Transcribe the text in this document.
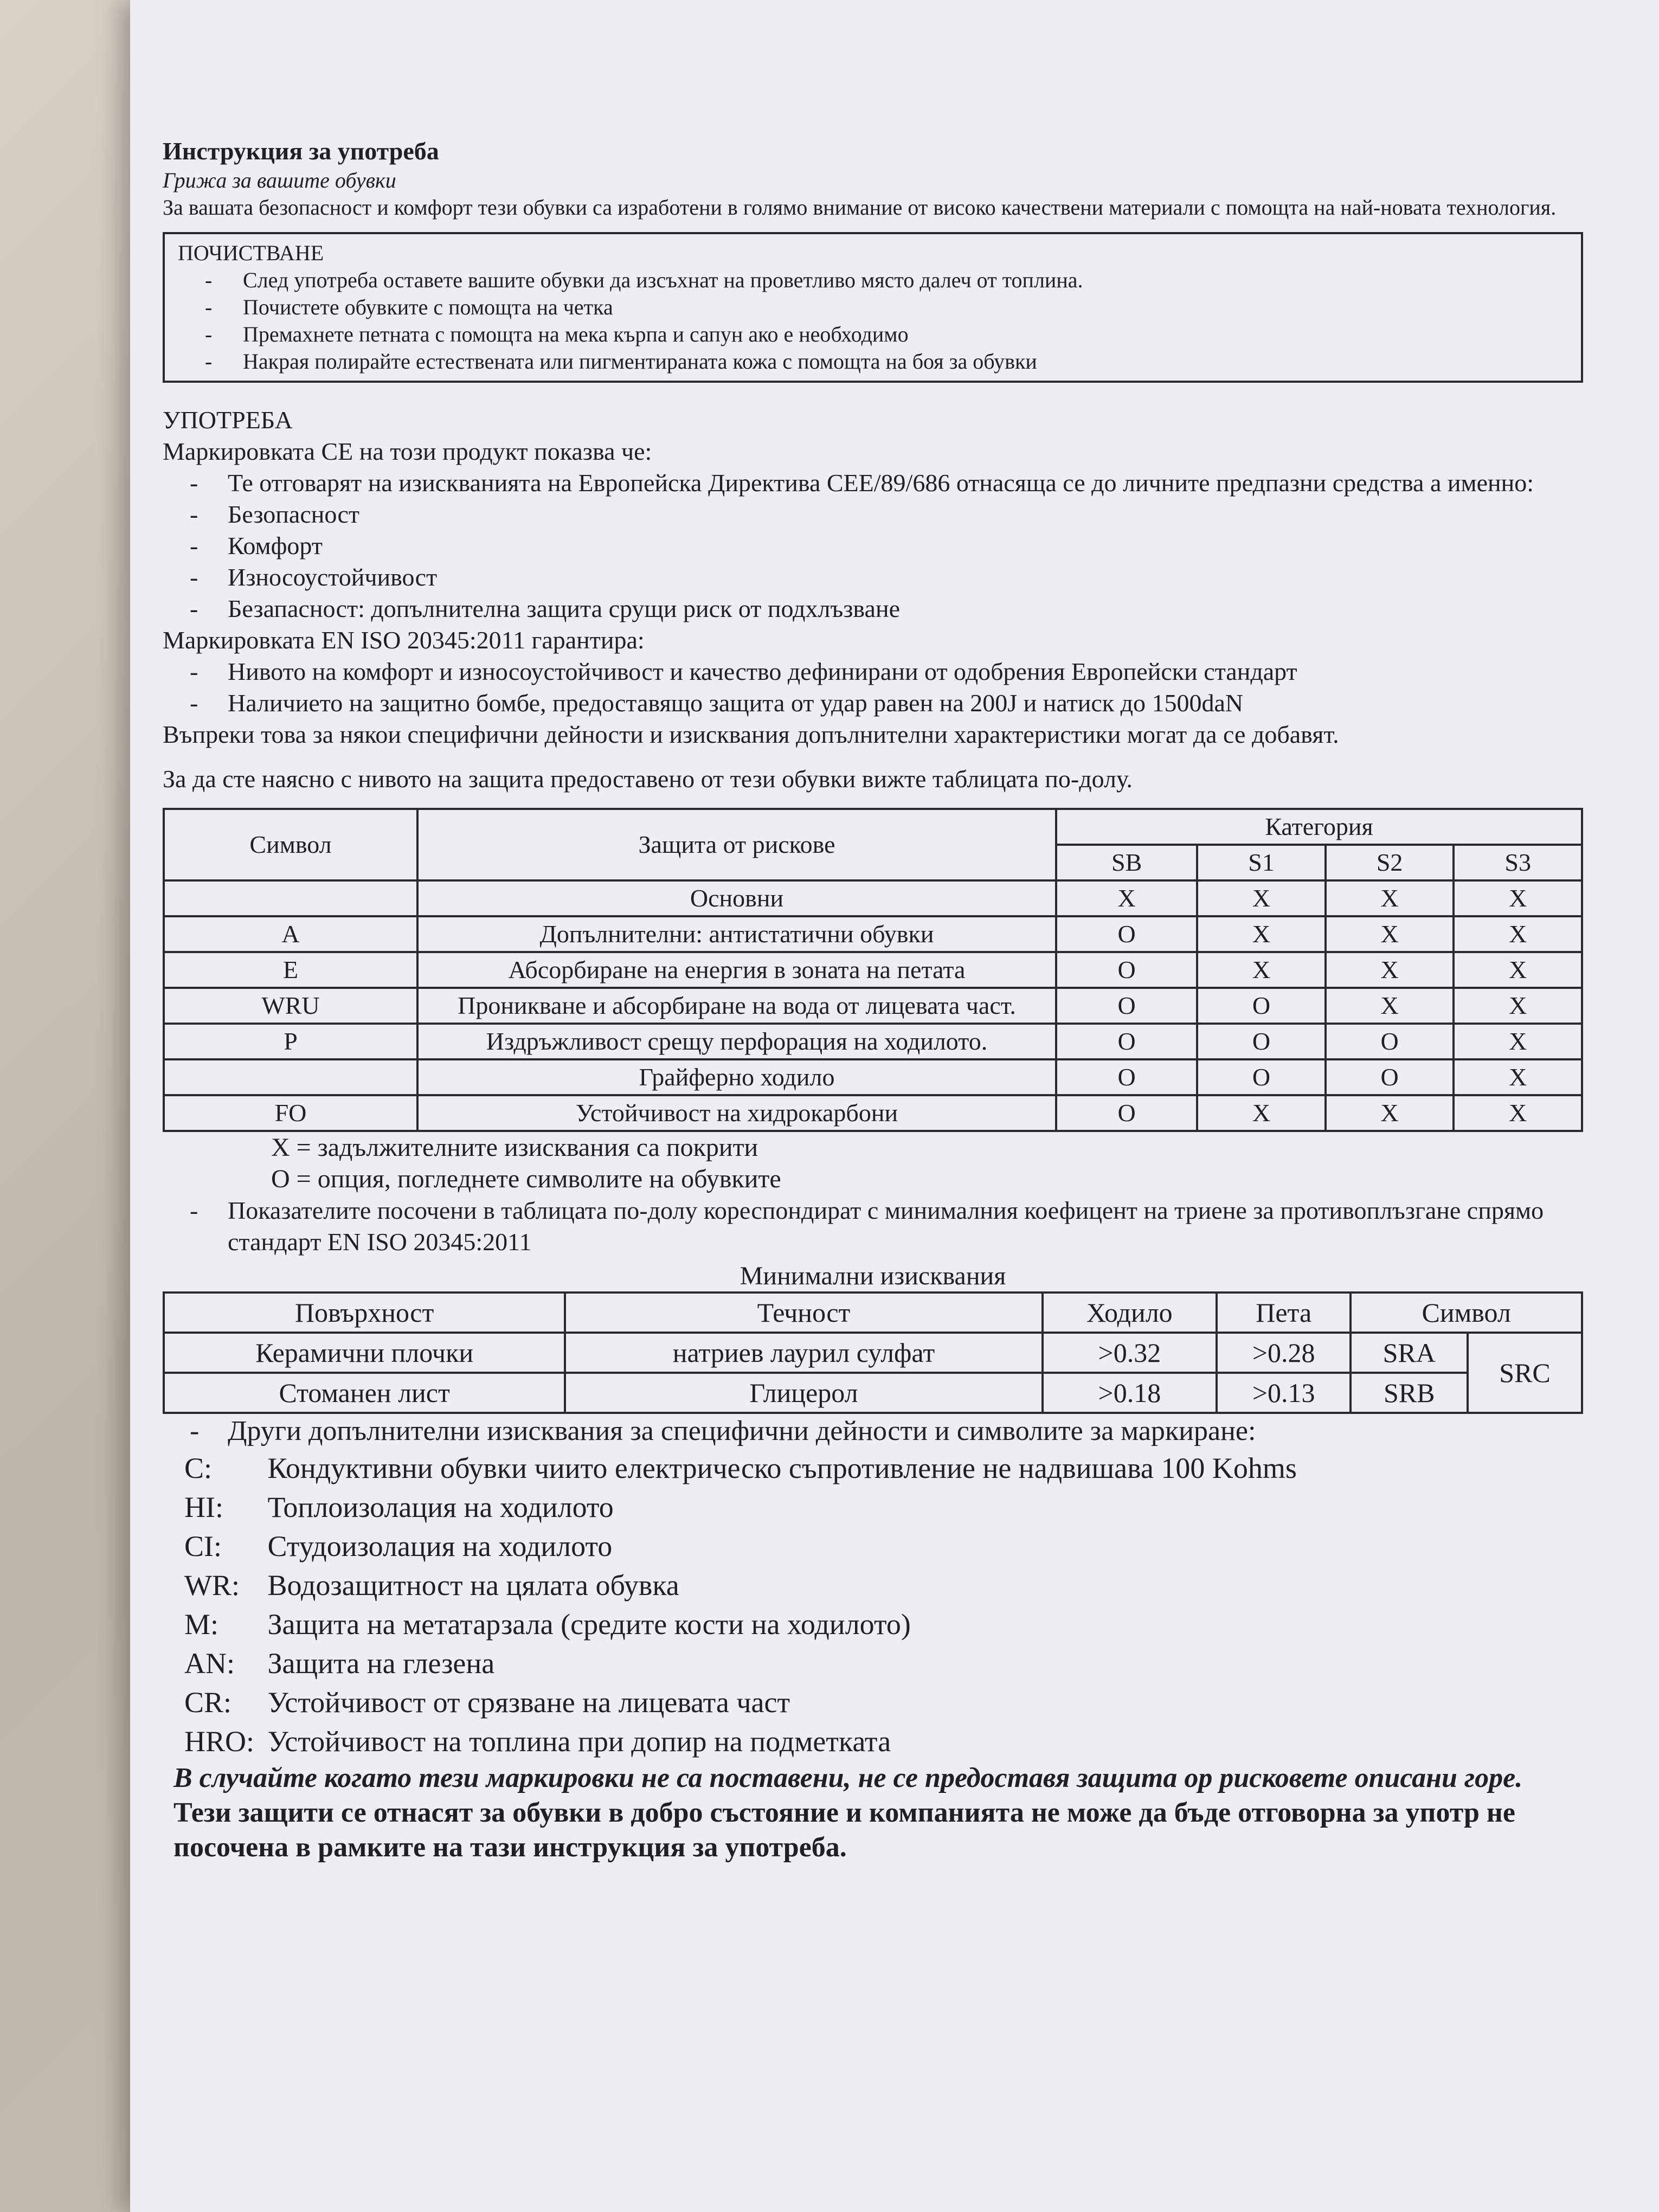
Инструкция за употреба

Грижа за вашите обувки

За вашата безопасност и комфорт тези обувки са изработени в голямо внимание от високо качествени материали с помощта на най-новата технология.

ПОЧИСТВАНЕ

- След употреба оставете вашите обувки да изсъхнат на проветливо място далеч от топлина.
- Почистете обувките с помощта на четка
- Премахнете петната с помощта на мека кърпа и сапун ако е необходимо
- Накрая полирайте естествената или пигментираната кожа с помощта на боя за обувки

УПОТРЕБА

Маркировката CE на този продукт показва че:

- Те отговарят на изискванията на Европейска Директива CEE/89/686 отнасяща се до личните предпазни средства а именно:
- Безопасност
- Комфорт
- Износоустойчивост
- Безапасност: допълнителна защита срущи риск от подхлъзване

Маркировката EN ISO 20345:2011 гарантира:

- Нивото на комфорт и износоустойчивост и качество дефинирани от одобрения Европейски стандарт
- Наличието на защитно бомбе, предоставящо защита от удар равен на 200J и натиск до 1500daN

Въпреки това за някои специфични дейности и изисквания допълнителни характеристики могат да се добавят.

За да сте наясно с нивото на защита предоставено от тези обувки вижте таблицата по-долу.

Символ	Защита от рискове	Категория			
		SB	S1	S2	S3
	Основни	X	X	X	X
A	Допълнителни: антистатични обувки	O	X	X	X
E	Абсорбиране на енергия в зоната на петата	O	X	X	X
WRU	Проникване и абсорбиране на вода от лицевата част.	O	O	X	X
P	Издръжливост срещу перфорация на ходилото.	O	O	O	X
	Грайферно ходило	O	O	O	X
FO	Устойчивост на хидрокарбони	O	X	X	X

X = задължителните изисквания са покрити

O = опция, погледнете символите на обувките

- Показателите посочени в таблицата по-долу кореспондират с минималния коефицент на триене за противоплъзгане спрямо стандарт EN ISO 20345:2011

Минимални изисквания

Повърхност	Течност	Ходило	Пета	Символ	
Керамични плочки	натриев лаурил сулфат	>0.32	>0.28	SRA	SRC
Стоманен лист	Глицерол	>0.18	>0.13	SRB	
- Други допълнителни изисквания за специфични дейности и символите за маркиране:

C: Кондуктивни обувки чиито електрическо съпротивление не надвишава 100 Kohms

HI: Топлоизолация на ходилото

CI: Студоизолация на ходилото

WR: Водозащитност на цялата обувка

M: Защита на метатарзала (средите кости на ходилото)

AN: Защита на глезена

CR: Устойчивост от срязване на лицевата част

HRO: Устойчивост на топлина при допир на подметката

В случайте когато тези маркировки не са поставени, не се предоставя защита ор рисковете описани горе.

Тези защити се отнасят за обувки в добро състояние и компанията не може да бъде отговорна за употр не посочена в рамките на тази инструкция за употреба.
